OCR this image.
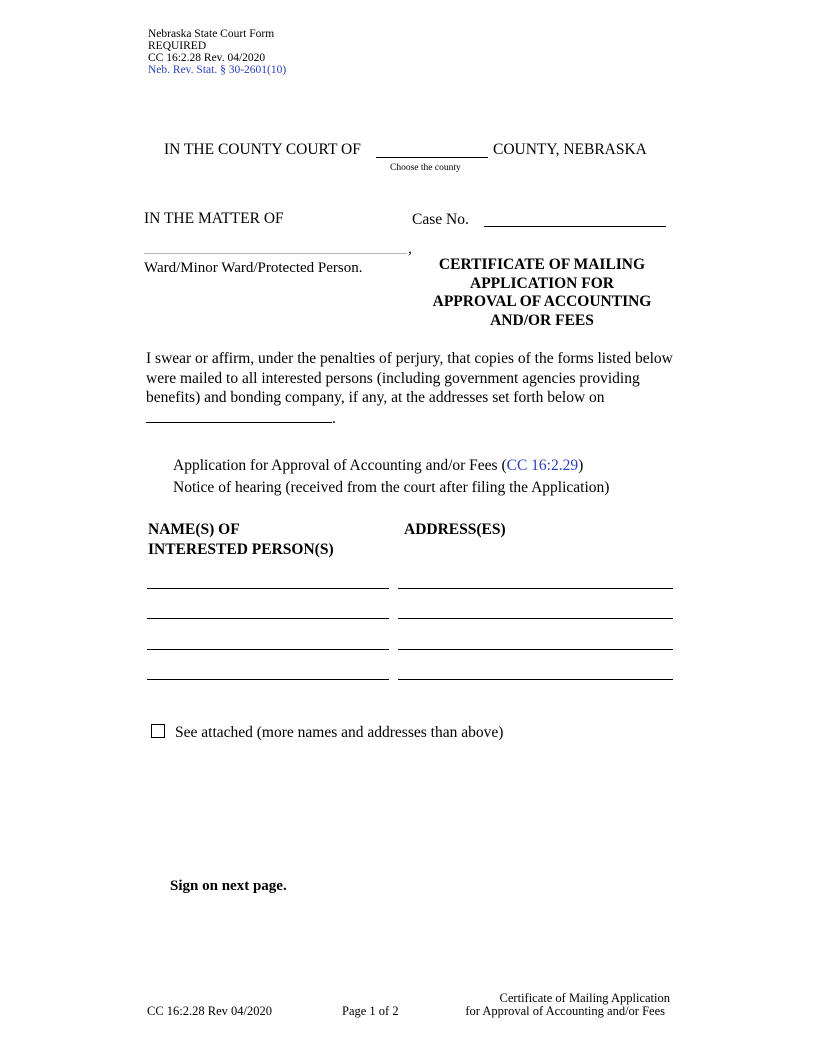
Nebraska State Court Form
REQUIRED
CC 16:2.28 Rev. 04/2020
Neb. Rev. Stat. § 30-2601(10)
IN THE COUNTY COURT OF	COUNTY, NEBRASKA
Choose the county
IN THE MATTER OF	Case No.
,
Ward/Minor Ward/Protected Person.	CERTIFICATE OF MAILING
APPLICATION FOR
APPROVAL OF ACCOUNTING
AND/OR FEES
I swear or affirm, under the penalties of perjury, that copies of the forms listed below were mailed to all interested persons (including government agencies providing benefits) and bonding company, if any, at the addresses set forth below on .
Application for Approval of Accounting and/or Fees (CC 16:2.29)
Notice of hearing (received from the court after filing the Application)
NAME(S) OF
INTERESTED PERSON(S)
ADDRESS(ES)
See attached (more names and addresses than above)
Sign on next page.
CC 16:2.28 Rev 04/2020	Page 1 of 2
Certificate of Mailing Application
for Approval of Accounting and/or Fees
